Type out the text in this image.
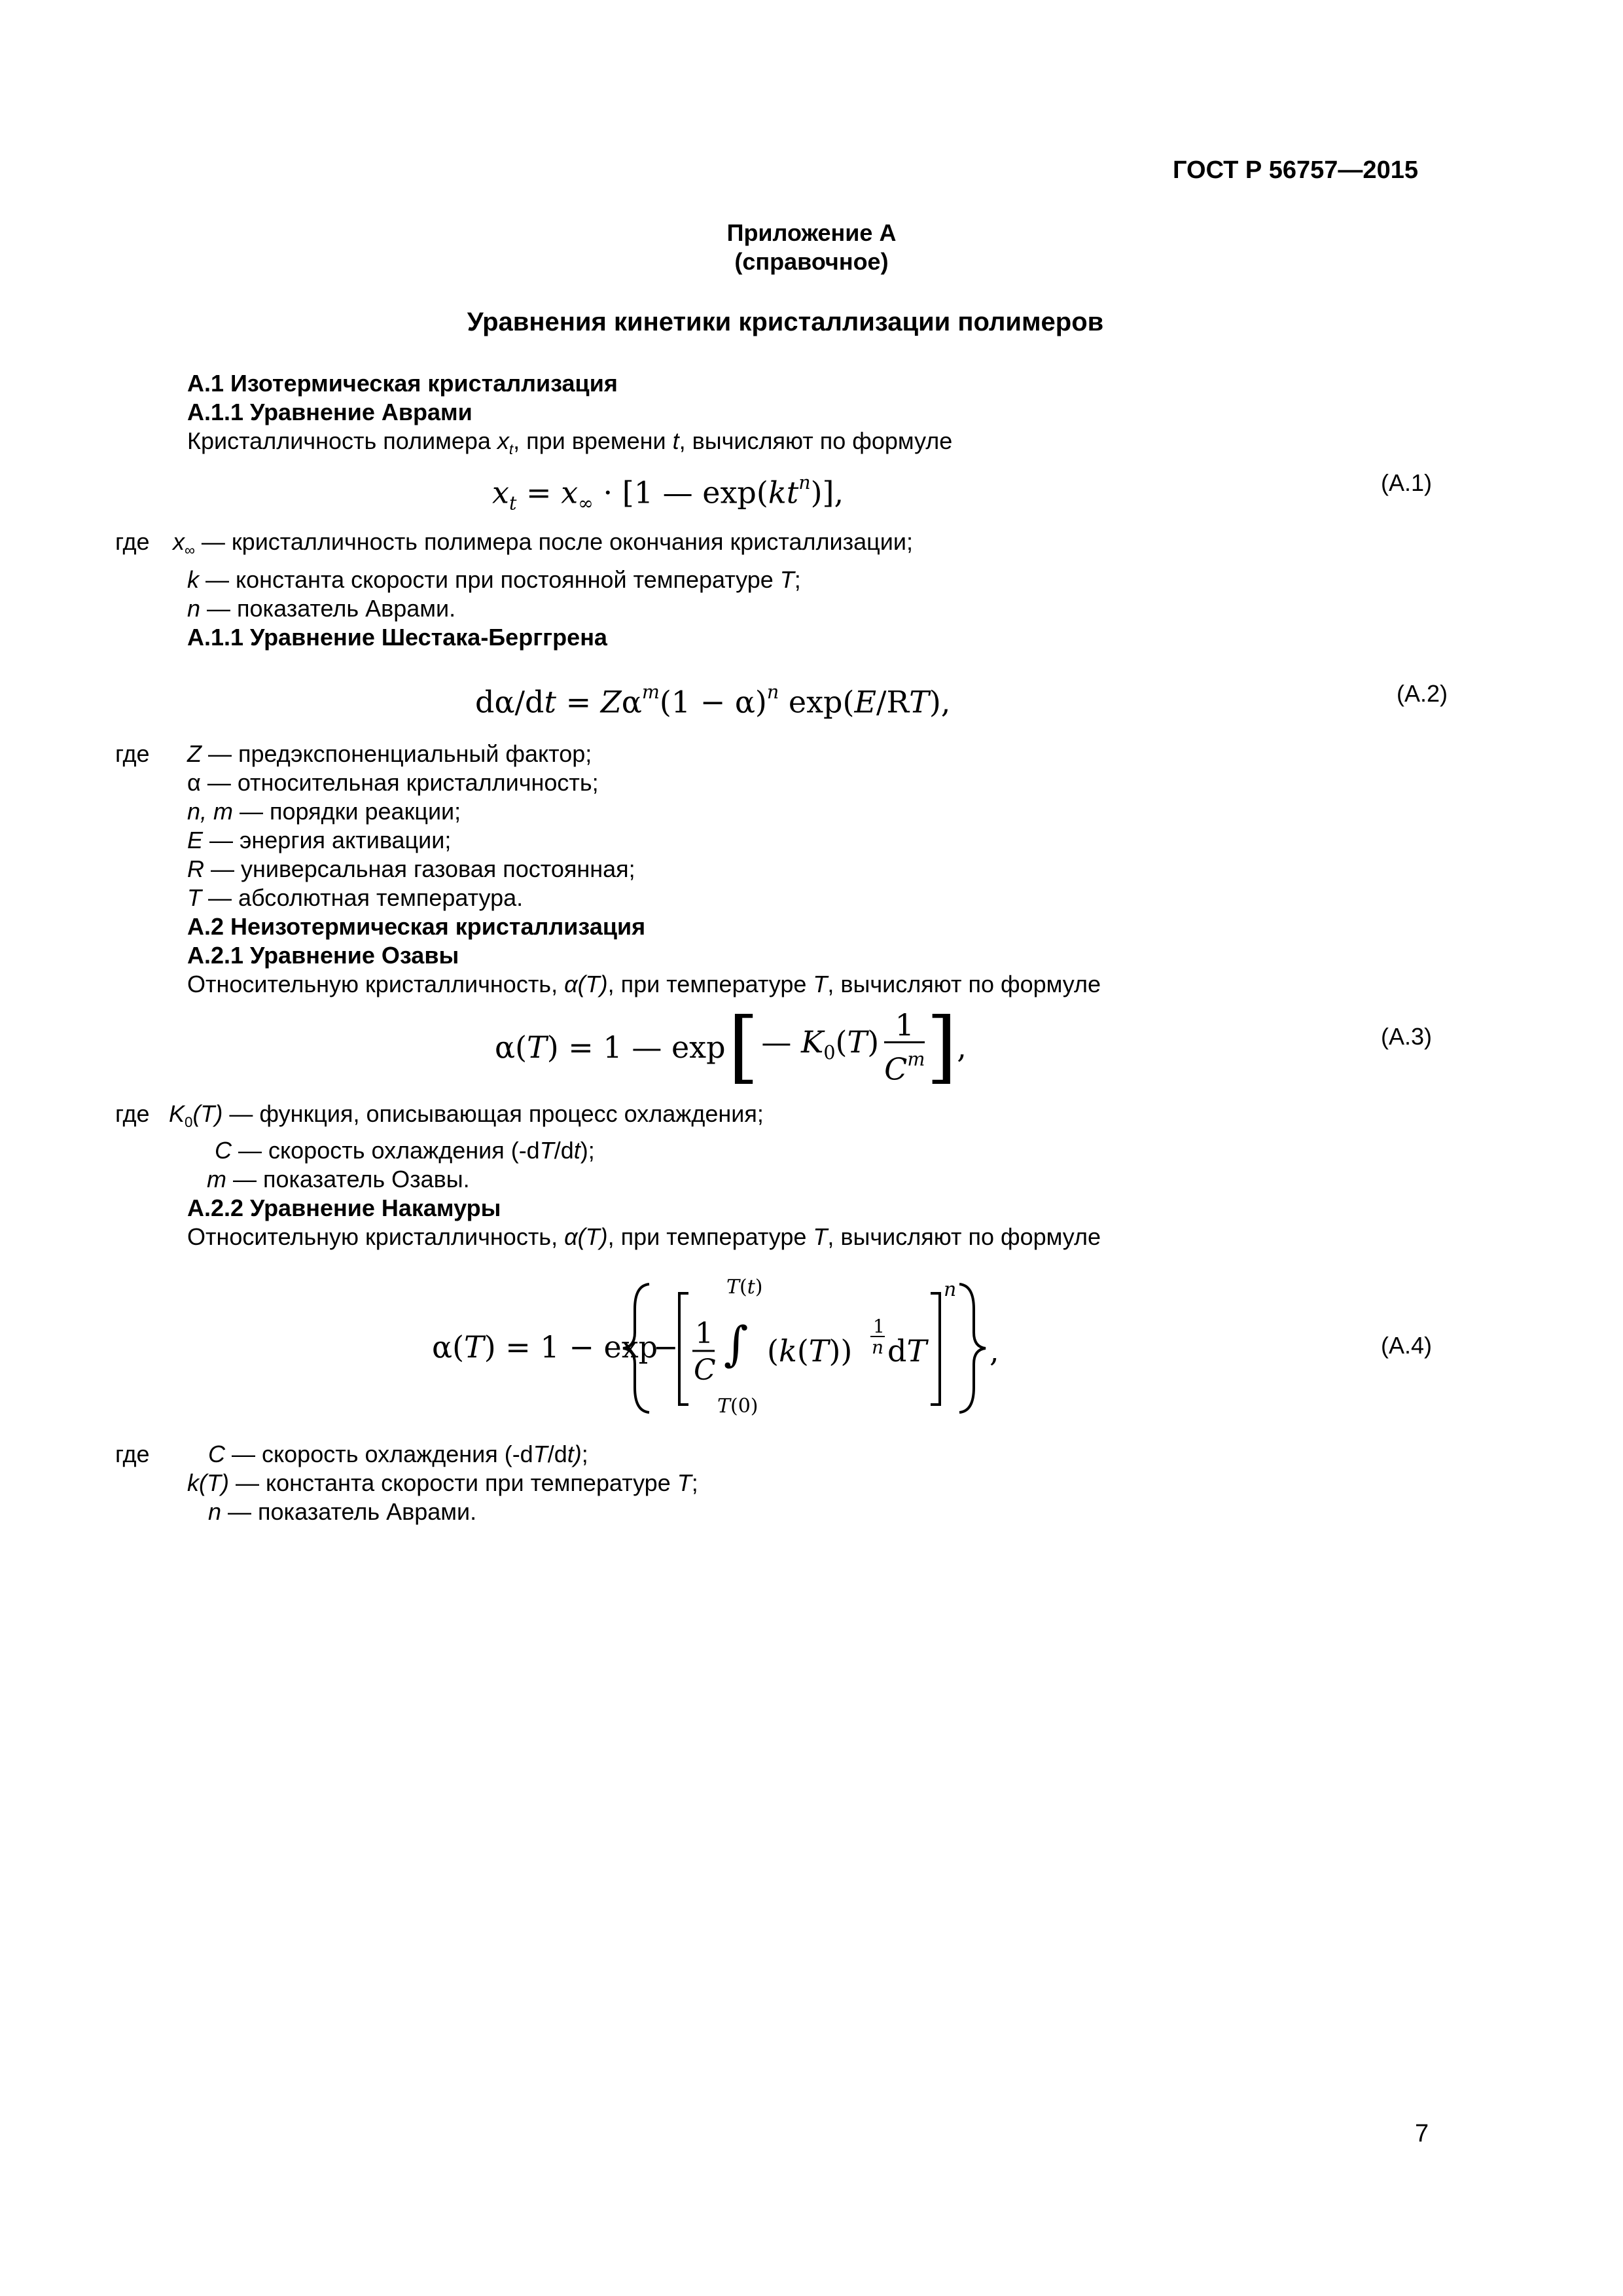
ГОСТ Р 56757—2015
Приложение А
(справочное)
Уравнения кинетики кристаллизации полимеров
А.1 Изотермическая кристаллизация
А.1.1 Уравнение Аврами
Кристалличность полимера $x_t$, при времени t, вычисляют по формуле
$x_t = x_\infty \cdot [1$ — $\exp(kt^n)$],	(А.1)
где $x_\infty$ — кристалличность полимера после окончания кристаллизации;
k — константа скорости при постоянной температуре T;
n — показатель Аврами.
А.1.1 Уравнение Шестака-Берггрена
$d\alpha/dt = Z\alpha^m(1 - \alpha)^n$ exp(E/RT),	(А.2)
где Z — предэкспоненциальный фактор;
α — относительная кристалличность;
n, m — порядки реакции;
E — энергия активации;
R — универсальная газовая постоянная;
T — абсолютная температура.
А.2 Неизотермическая кристаллизация
А.2.1 Уравнение Озавы
Относительную кристалличность, α(T), при температуре T, вычисляют по формуле
α(T) = 1 — exp [ — $K_0(T) \frac{1}{C^m}$ ] ,	(А.3)
где $K_0(T)$ — функция, описывающая процесс охлаждения;
C — скорость охлаждения (-dT/dt);
m — показатель Озавы.
А.2.2 Уравнение Накамуры
Относительную кристалличность, α(T), при температуре T, вычисляют по формуле
α(T) = 1 − exp
− 1
C ∫
T(t)
T(0)
(k(T))
1
n dT
n
,	(А.4)
где C — скорость охлаждения (-dT/dt);
k(T) — константа скорости при температуре T;
n — показатель Аврами.
7
